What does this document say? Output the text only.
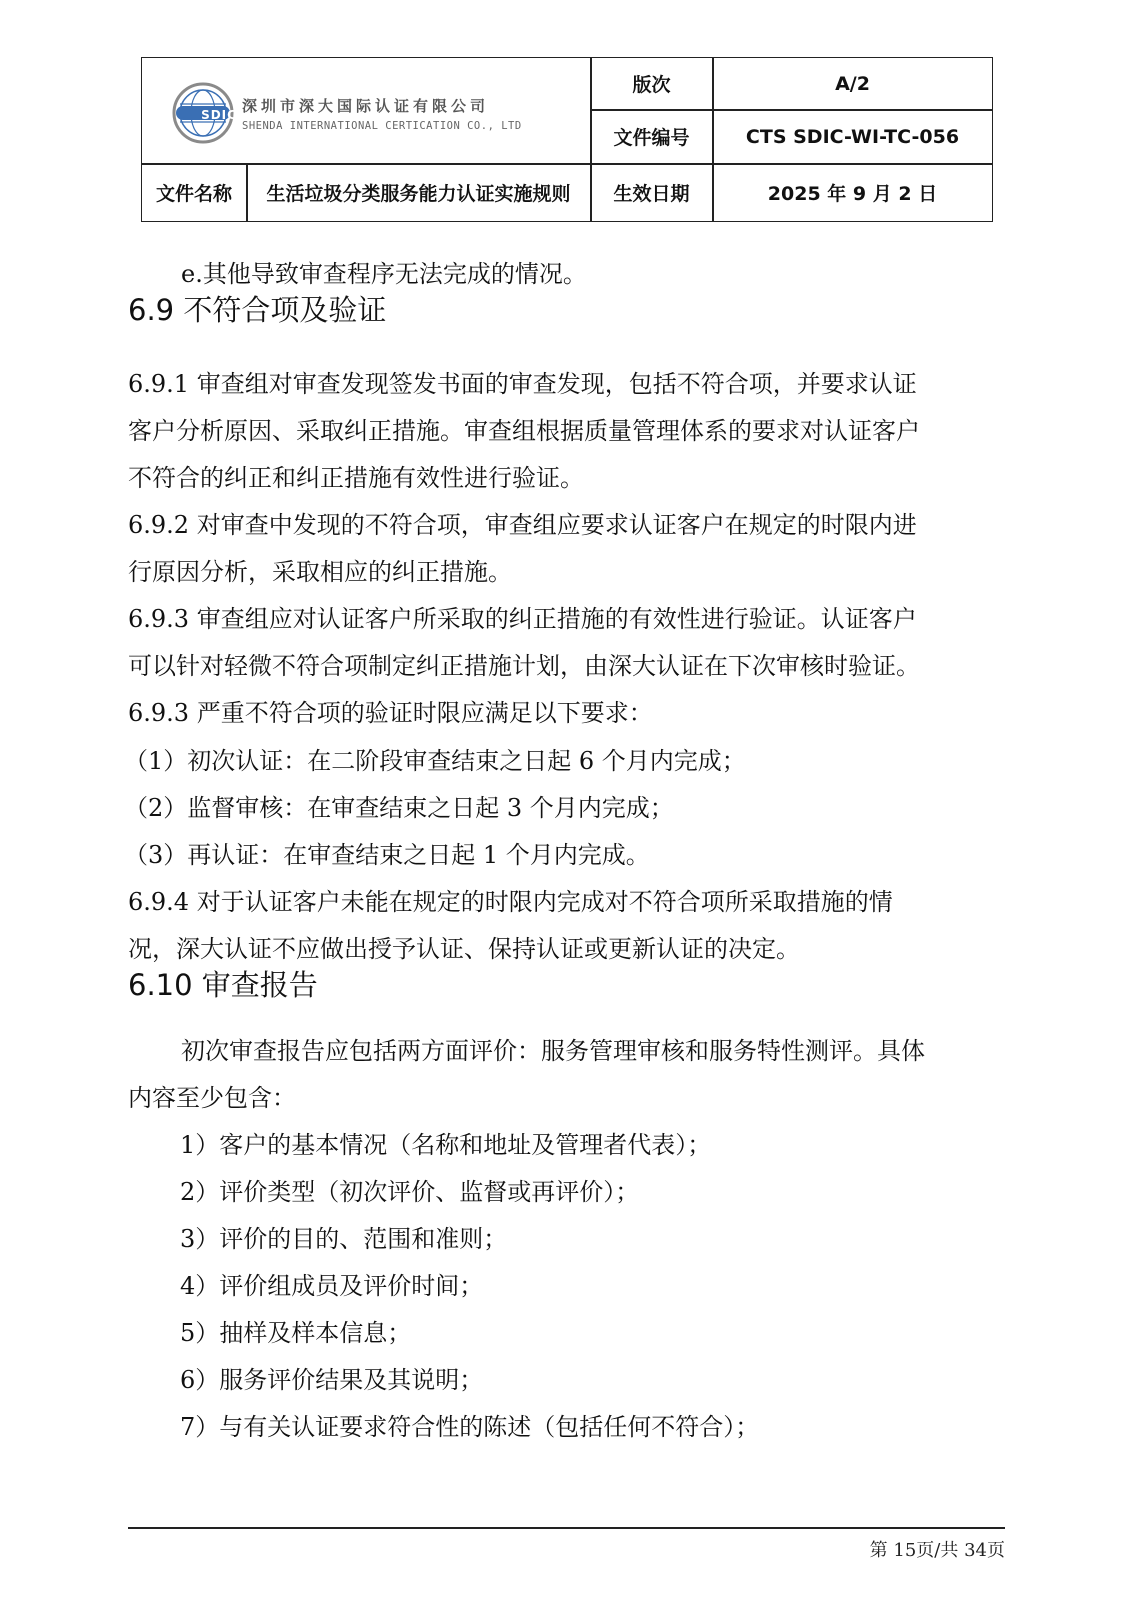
深圳市深大国际认证有限公司
SHENDA INTERNATIONAL CERTICATION CO., LTD
SDIC
版次	A/2
文件编号	CTS SDIC-WI-TC-056
文件名称	生活垃圾分类服务能力认证实施规则	生效日期	2025 年 9 月 2 日
e.其他导致审查程序无法完成的情况。
6.9 不符合项及验证
6.9.1 审查组对审查发现签发书面的审查发现，包括不符合项，并要求认证
客户分析原因、采取纠正措施。审查组根据质量管理体系的要求对认证客户
不符合的纠正和纠正措施有效性进行验证。
6.9.2 对审查中发现的不符合项，审查组应要求认证客户在规定的时限内进
行原因分析，采取相应的纠正措施。
6.9.3 审查组应对认证客户所采取的纠正措施的有效性进行验证。认证客户
可以针对轻微不符合项制定纠正措施计划，由深大认证在下次审核时验证。
6.9.3 严重不符合项的验证时限应满足以下要求：
（1）初次认证：在二阶段审查结束之日起 6 个月内完成；
（2）监督审核：在审查结束之日起 3 个月内完成；
（3）再认证：在审查结束之日起 1 个月内完成。
6.9.4 对于认证客户未能在规定的时限内完成对不符合项所采取措施的情
况，深大认证不应做出授予认证、保持认证或更新认证的决定。
6.10 审查报告
初次审查报告应包括两方面评价：服务管理审核和服务特性测评。具体
内容至少包含：
1）客户的基本情况（名称和地址及管理者代表）；
2）评价类型（初次评价、监督或再评价）；
3）评价的目的、范围和准则；
4）评价组成员及评价时间；
5）抽样及样本信息；
6）服务评价结果及其说明；
7）与有关认证要求符合性的陈述（包括任何不符合）；
第 15页/共 34页
